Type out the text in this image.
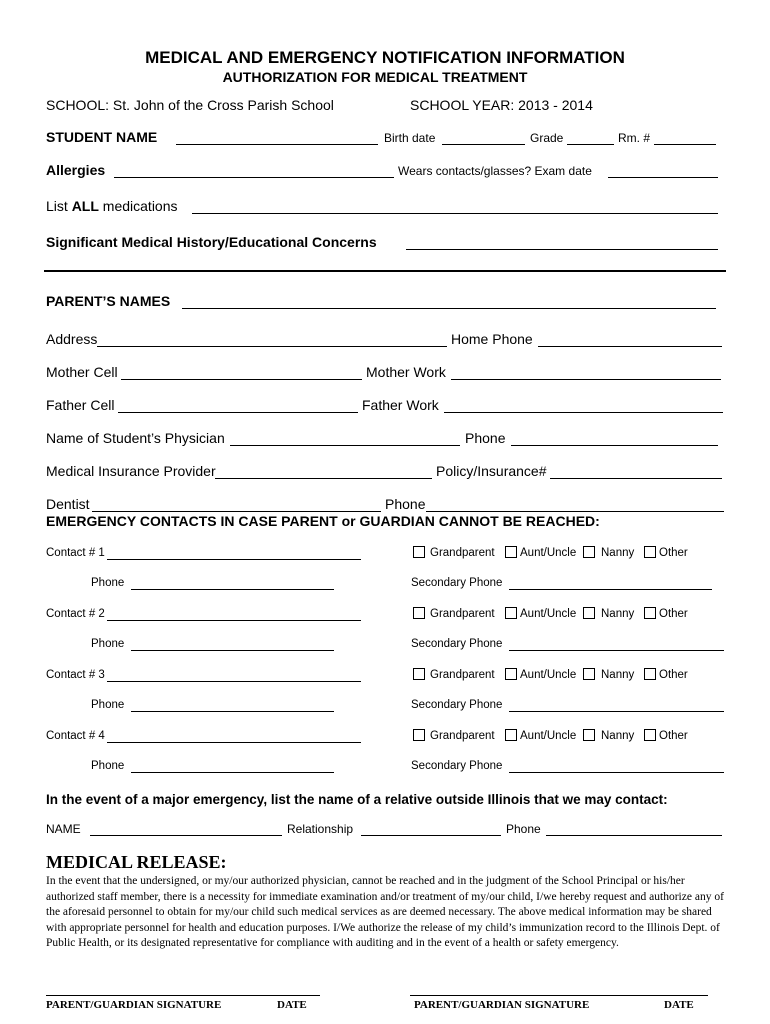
MEDICAL AND EMERGENCY NOTIFICATION INFORMATION
AUTHORIZATION FOR MEDICAL TREATMENT
SCHOOL: St. John of the Cross Parish School	SCHOOL YEAR: 2013 - 2014
STUDENT NAME	Birth date	Grade	Rm. #
Allergies	Wears contacts/glasses? Exam date
List ALL medications
Significant Medical History/Educational Concerns
PARENT’S NAMES
Address	Home Phone
Mother Cell	Mother Work
Father Cell	Father Work
Name of Student’s Physician	Phone
Medical Insurance Provider	Policy/Insurance#
Dentist	Phone
EMERGENCY CONTACTS IN CASE PARENT or GUARDIAN CANNOT BE REACHED:
Contact # 1	Grandparent Aunt/Uncle Nanny Other
Phone	Secondary Phone
Contact # 2	Grandparent Aunt/Uncle Nanny Other
Phone	Secondary Phone
Contact # 3	Grandparent Aunt/Uncle Nanny Other
Phone	Secondary Phone
Contact # 4	Grandparent Aunt/Uncle Nanny Other
Phone	Secondary Phone
In the event of a major emergency, list the name of a relative outside Illinois that we may contact:
NAME	Relationship	Phone
MEDICAL RELEASE:
In the event that the undersigned, or my/our authorized physician, cannot be reached and in the judgment of the School Principal or his/her authorized staff member, there is a necessity for immediate examination and/or treatment of my/our child, I/we hereby request and authorize any of the aforesaid personnel to obtain for my/our child such medical services as are deemed necessary. The above medical information may be shared with appropriate personnel for health and education purposes. I/We authorize the release of my child’s immunization record to the Illinois Dept. of Public Health, or its designated representative for compliance with auditing and in the event of a health or safety emergency.
PARENT/GUARDIAN SIGNATURE	DATE	PARENT/GUARDIAN SIGNATURE	DATE
